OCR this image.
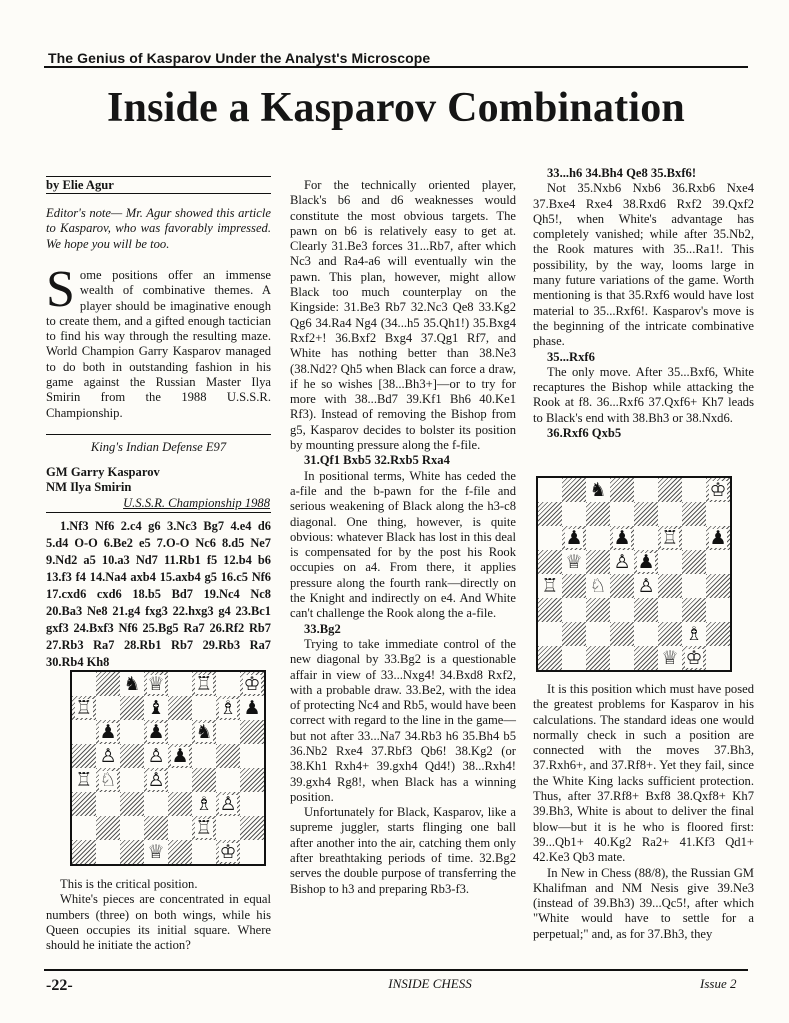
The Genius of Kasparov Under the Analyst's Microscope
Inside a Kasparov Combination
by Elie Agur
Editor's note— Mr. Agur showed this article to Kasparov, who was favorably impressed. We hope you will be too.
Some positions offer an immense wealth of combinative themes. A player should be imaginative enough to create them, and a gifted enough tactician to find his way through the resulting maze. World Champion Garry Kasparov managed to do both in outstanding fashion in his game against the Russian Master Ilya Smirin from the 1988 U.S.S.R. Championship.
King's Indian Defense E97
GM Garry Kasparov
NM Ilya Smirin
U.S.S.R. Championship 1988
1.Nf3 Nf6 2.c4 g6 3.Nc3 Bg7 4.e4 d6 5.d4 O-O 6.Be2 e5 7.O-O Nc6 8.d5 Ne7 9.Nd2 a5 10.a3 Nd7 11.Rb1 f5 12.b4 b6 13.f3 f4 14.Na4 axb4 15.axb4 g5 16.c5 Nf6 17.cxd6 cxd6 18.b5 Bd7 19.Nc4 Nc8 20.Ba3 Ne8 21.g4 fxg3 22.hxg3 g4 23.Bc1 gxf3 24.Bxf3 Nf6 25.Bg5 Ra7 26.Rf2 Rb7 27.Rb3 Ra7 28.Rb1 Rb7 29.Rb3 Ra7 30.Rb4 Kh8
♞ ♕ ♖ ♔
♖	♝	♗ ♟
♟ ♟ ♞
♙ ♙ ♟
♖ ♘ ♙
♗ ♙
♖
♕	♔

This is the critical position.

White's pieces are concentrated in equal numbers (three) on both wings, while his Queen occupies its initial square. Where should he initiate the action?

For the technically oriented player, Black's b6 and d6 weaknesses would constitute the most obvious targets. The pawn on b6 is relatively easy to get at. Clearly 31.Be3 forces 31...Rb7, after which Nc3 and Ra4-a6 will eventually win the pawn. This plan, however, might allow Black too much counterplay on the Kingside: 31.Be3 Rb7 32.Nc3 Qe8 33.Kg2 Qg6 34.Ra4 Ng4 (34...h5 35.Qh1!) 35.Bxg4 Rxf2+! 36.Bxf2 Bxg4 37.Qg1 Rf7, and White has nothing better than 38.Ne3 (38.Nd2? Qh5 when Black can force a draw, if he so wishes [38...Bh3+]—or to try for more with 38...Bd7 39.Kf1 Bh6 40.Ke1 Rf3). Instead of removing the Bishop from g5, Kasparov decides to bolster its position by mounting pressure along the f-file.

31.Qf1 Bxb5 32.Rxb5 Rxa4

In positional terms, White has ceded the a-file and the b-pawn for the f-file and serious weakening of Black along the h3-c8 diagonal. One thing, however, is quite obvious: whatever Black has lost in this deal is compensated for by the post his Rook occupies on a4. From there, it applies pressure along the fourth rank—directly on the Knight and indirectly on e4. And White can't challenge the Rook along the a-file.

33.Bg2

Trying to take immediate control of the new diagonal by 33.Bg2 is a questionable affair in view of 33...Nxg4! 34.Bxd8 Rxf2, with a probable draw. 33.Be2, with the idea of protecting Nc4 and Rb5, would have been correct with regard to the line in the game—but not after 33...Na7 34.Rb3 h6 35.Bh4 b5 36.Nb2 Rxe4 37.Rbf3 Qb6! 38.Kg2 (or 38.Kh1 Rxh4+ 39.gxh4 Qd4!) 38...Rxh4! 39.gxh4 Rg8!, when Black has a winning position.

Unfortunately for Black, Kasparov, like a supreme juggler, starts flinging one ball after another into the air, catching them only after breathtaking periods of time. 32.Bg2 serves the double purpose of transferring the Bishop to h3 and preparing Rb3-f3.

33...h6 34.Bh4 Qe8 35.Bxf6!

Not 35.Nxb6 Nxb6 36.Rxb6 Nxe4 37.Bxe4 Rxe4 38.Rxd6 Rxf2 39.Qxf2 Qh5!, when White's advantage has completely vanished; while after 35.Nb2, the Rook matures with 35...Ra1!. This possibility, by the way, looms large in many future variations of the game. Worth mentioning is that 35.Rxf6 would have lost material to 35...Rxf6!. Kasparov's move is the beginning of the intricate combinative phase.

35...Rxf6

The only move. After 35...Bxf6, White recaptures the Bishop while attacking the Rook at f8. 36...Rxf6 37.Qxf6+ Kh7 leads to Black's end with 38.Bh3 or 38.Nxd6.

36.Rxf6 Qxb5

♞	♔
♟ ♟ ♖ ♟
♕ ♙ ♟
♖ ♘ ♙
♗
♕ ♔

It is this position which must have posed the greatest problems for Kasparov in his calculations. The standard ideas one would normally check in such a position are connected with the moves 37.Bh3, 37.Rxh6+, and 37.Rf8+. Yet they fail, since the White King lacks sufficient protection. Thus, after 37.Rf8+ Bxf8 38.Qxf8+ Kh7 39.Bh3, White is about to deliver the final blow—but it is he who is floored first: 39...Qb1+ 40.Kg2 Ra2+ 41.Kf3 Qd1+ 42.Ke3 Qb3 mate.

In New in Chess (88/8), the Russian GM Khalifman and NM Nesis give 39.Ne3 (instead of 39.Bh3) 39...Qc5!, after which "White would have to settle for a perpetual;" and, as for 37.Bh3, they

-22-	INSIDE CHESS	Issue 2
